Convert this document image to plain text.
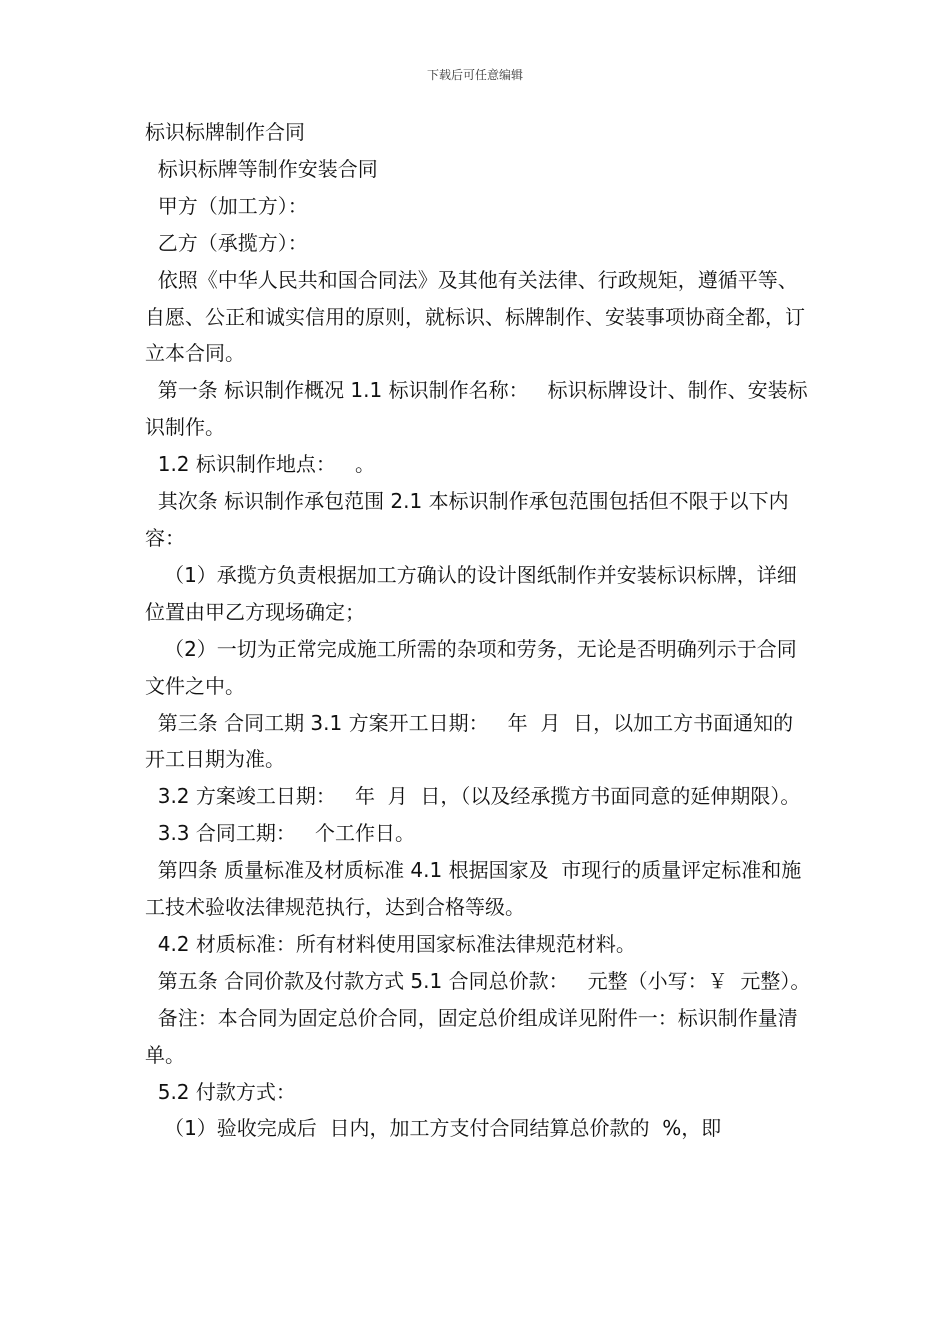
下载后可任意编辑

标识标牌制作合同

标识标牌等制作安装合同

甲方（加工方）：

乙方（承揽方）：

依照《中华人民共和国合同法》及其他有关法律、行政规矩，遵循平等、自愿、公正和诚实信用的原则，就标识、标牌制作、安装事项协商全都，订立本合同。

第一条 标识制作概况 1.1 标识制作名称：   标识标牌设计、制作、安装标识制作。

1.2 标识制作地点：   。

其次条 标识制作承包范围 2.1 本标识制作承包范围包括但不限于以下内容：

（1）承揽方负责根据加工方确认的设计图纸制作并安装标识标牌，详细位置由甲乙方现场确定；

（2）一切为正常完成施工所需的杂项和劳务，无论是否明确列示于合同文件之中。

第三条 合同工期 3.1 方案开工日期：   年  月  日，以加工方书面通知的开工日期为准。

3.2 方案竣工日期：   年  月  日，（以及经承揽方书面同意的延伸期限）。

3.3 合同工期：   个工作日。

第四条 质量标准及材质标准 4.1 根据国家及  市现行的质量评定标准和施工技术验收法律规范执行，达到合格等级。

4.2 材质标准：所有材料使用国家标准法律规范材料。

第五条 合同价款及付款方式 5.1 合同总价款：   元整（小写：￥  元整）。

备注：本合同为固定总价合同，固定总价组成详见附件一：标识制作量清单。

5.2 付款方式：

（1）验收完成后  日内，加工方支付合同结算总价款的  %，即
